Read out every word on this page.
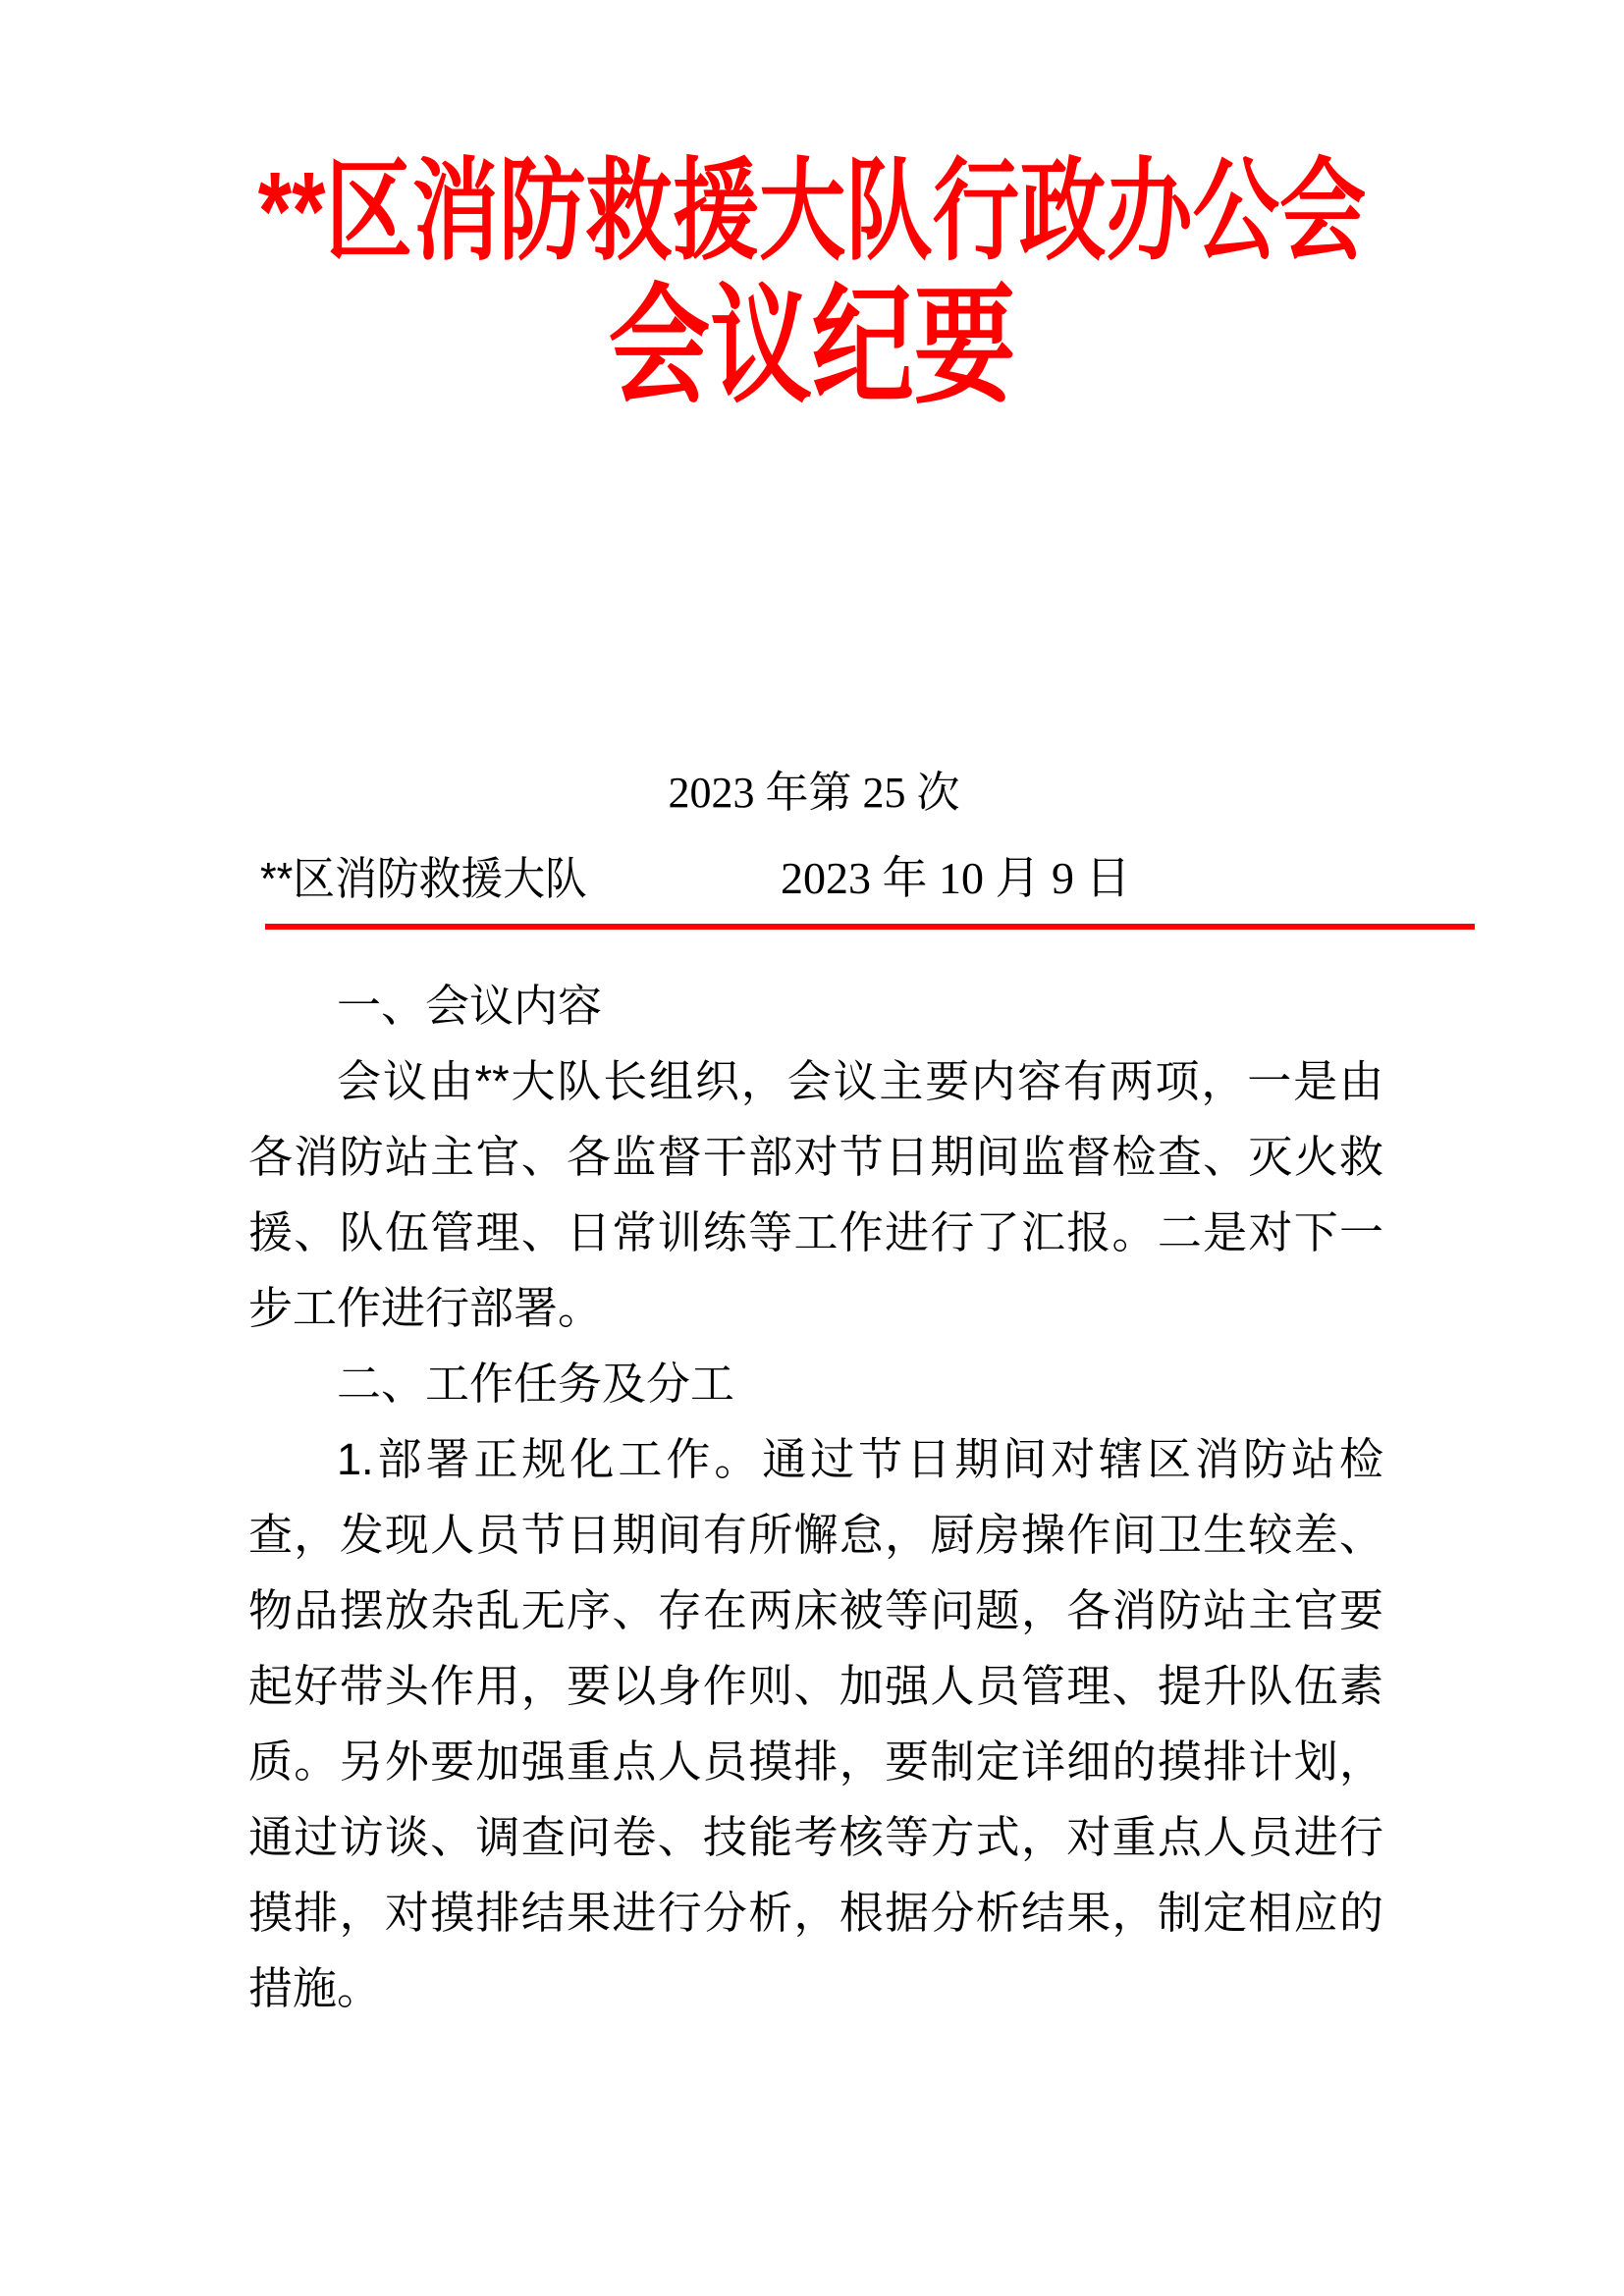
**区消防救援大队行政办公会
会议纪要
2023 年第 25 次
**区消防救援大队	2023 年 10 月 9 日

一、会议内容

会议由**大队长组织，会议主要内容有两项，一是由各消防站主官、各监督干部对节日期间监督检查、灭火救援、队伍管理、日常训练等工作进行了汇报。二是对下一步工作进行部署。

二、工作任务及分工

1.部署正规化工作。通过节日期间对辖区消防站检查，发现人员节日期间有所懈怠，厨房操作间卫生较差、物品摆放杂乱无序、存在两床被等问题，各消防站主官要起好带头作用，要以身作则、加强人员管理、提升队伍素质。另外要加强重点人员摸排，要制定详细的摸排计划，通过访谈、调查问卷、技能考核等方式，对重点人员进行摸排，对摸排结果进行分析，根据分析结果，制定相应的措施。
